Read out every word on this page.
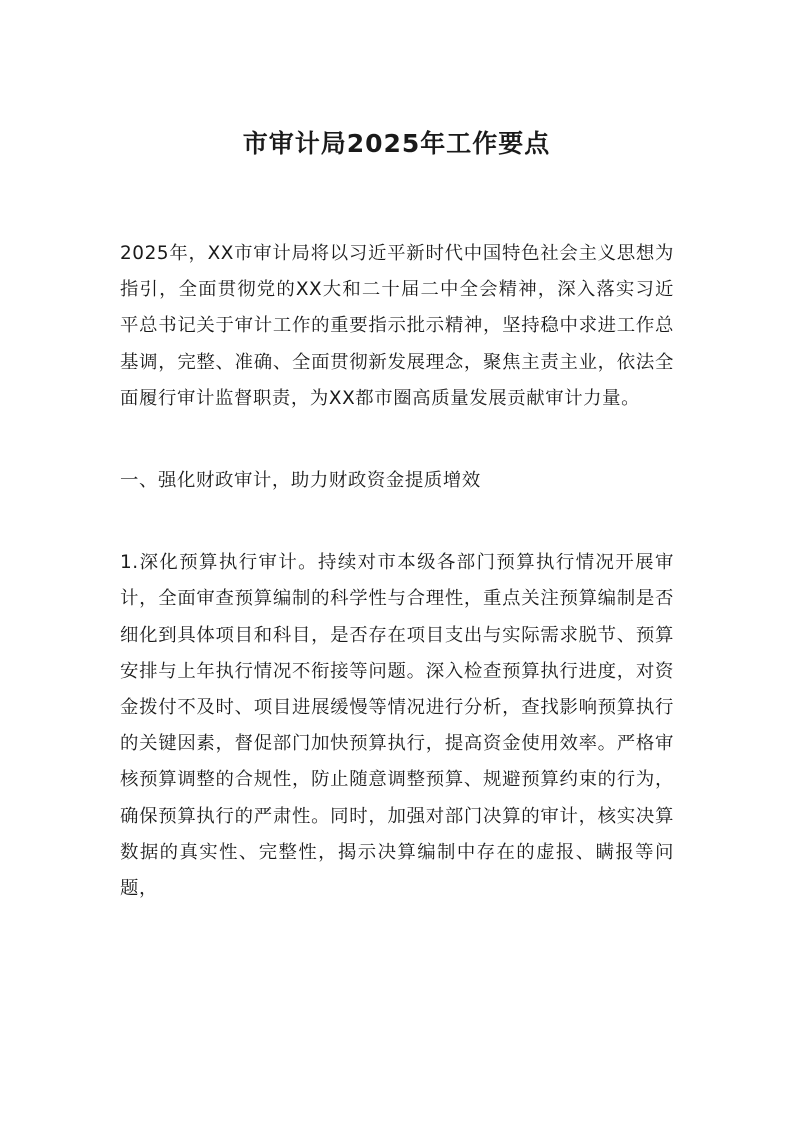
市审计局2025年工作要点

2025年，XX市审计局将以习近平新时代中国特色社会主义思想为指引，全面贯彻党的XX大和二十届二中全会精神，深入落实习近平总书记关于审计工作的重要指示批示精神，坚持稳中求进工作总基调，完整、准确、全面贯彻新发展理念，聚焦主责主业，依法全面履行审计监督职责，为XX都市圈高质量发展贡献审计力量。

一、强化财政审计，助力财政资金提质增效

1.深化预算执行审计。持续对市本级各部门预算执行情况开展审计，全面审查预算编制的科学性与合理性，重点关注预算编制是否细化到具体项目和科目，是否存在项目支出与实际需求脱节、预算安排与上年执行情况不衔接等问题。深入检查预算执行进度，对资金拨付不及时、项目进展缓慢等情况进行分析，查找影响预算执行的关键因素，督促部门加快预算执行，提高资金使用效率。严格审核预算调整的合规性，防止随意调整预算、规避预算约束的行为，确保预算执行的严肃性。同时，加强对部门决算的审计，核实决算数据的真实性、完整性，揭示决算编制中存在的虚报、瞒报等问题，
